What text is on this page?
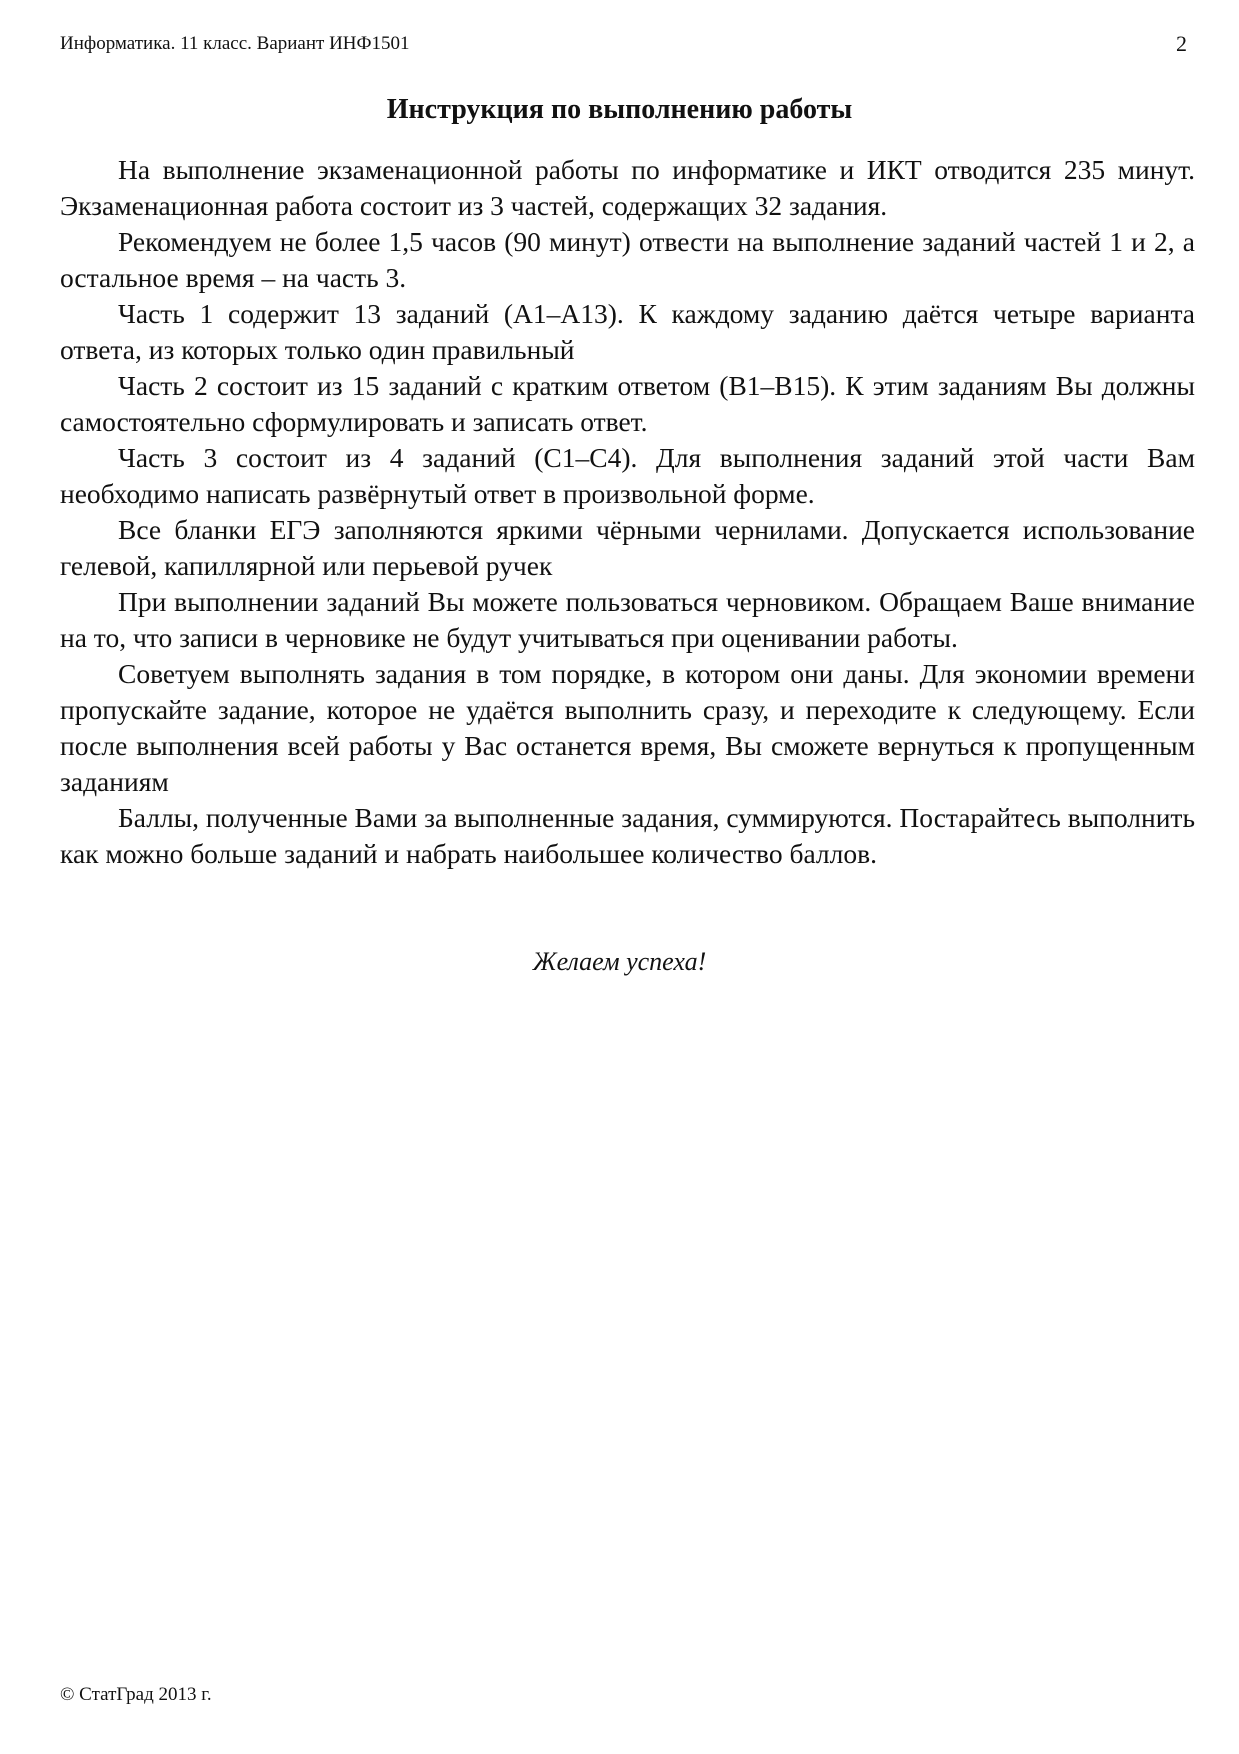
Информатика. 11 класс. Вариант ИНФ1501	2
Инструкция по выполнению работы

На выполнение экзаменационной работы по информатике и ИКТ отводится 235 минут. Экзаменационная работа состоит из 3 частей, содержащих 32 задания.

Рекомендуем не более 1,5 часов (90 минут) отвести на выполнение заданий частей 1 и 2, а остальное время – на часть 3.

Часть 1 содержит 13 заданий (А1–А13). К каждому заданию даётся четыре варианта ответа, из которых только один правильный

Часть 2 состоит из 15 заданий с кратким ответом (B1–B15). К этим заданиям Вы должны самостоятельно сформулировать и записать ответ.

Часть 3 состоит из 4 заданий (С1–С4). Для выполнения заданий этой части Вам необходимо написать развёрнутый ответ в произвольной форме.

Все бланки ЕГЭ заполняются яркими чёрными чернилами. Допускается использование гелевой, капиллярной или перьевой ручек

При выполнении заданий Вы можете пользоваться черновиком. Обращаем Ваше внимание на то, что записи в черновике не будут учитываться при оценивании работы.

Советуем выполнять задания в том порядке, в котором они даны. Для экономии времени пропускайте задание, которое не удаётся выполнить сразу, и переходите к следующему. Если после выполнения всей работы у Вас останется время, Вы сможете вернуться к пропущенным заданиям

Баллы, полученные Вами за выполненные задания, суммируются. Постарайтесь выполнить как можно больше заданий и набрать наибольшее количество баллов.

Желаем успеха!
© СтатГрад 2013 г.
